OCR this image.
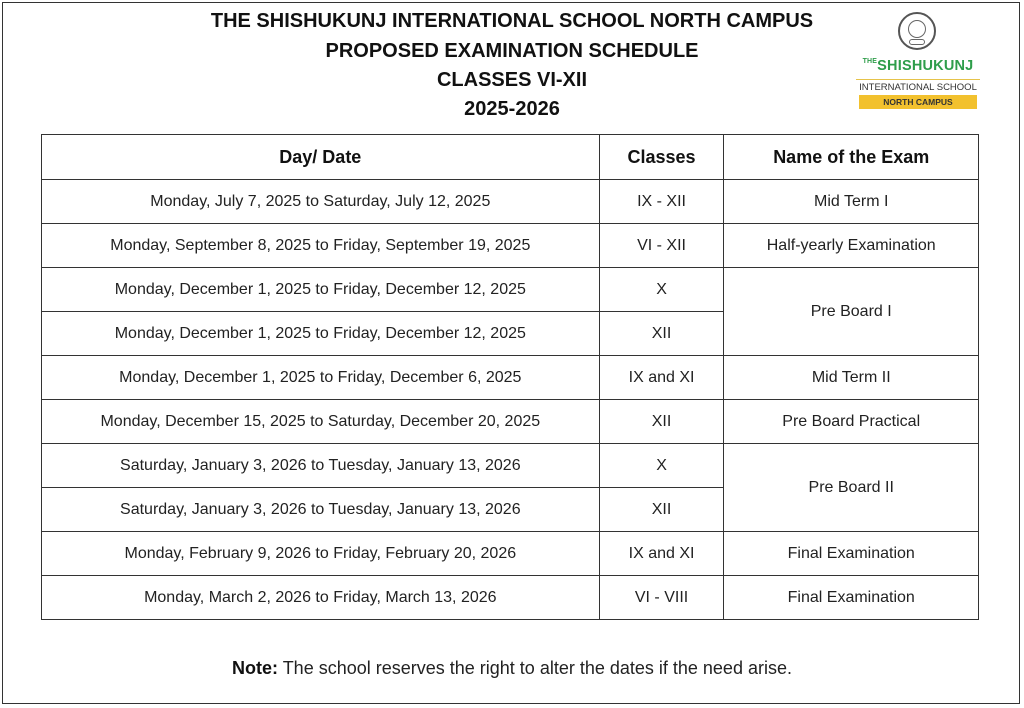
THE SHISHUKUNJ INTERNATIONAL SCHOOL NORTH CAMPUS
PROPOSED EXAMINATION SCHEDULE
CLASSES VI-XII
2025-2026
$^{THE}$SHISHUKUNJ
INTERNATIONAL SCHOOL
NORTH CAMPUS
Day/ Date	Classes	Name of the Exam
Monday, July 7, 2025 to Saturday, July 12, 2025	IX - XII	Mid Term I
Monday, September 8, 2025 to Friday, September 19, 2025	VI - XII	Half-yearly Examination
Monday, December 1, 2025 to Friday, December 12, 2025	X	Pre Board I
Monday, December 1, 2025 to Friday, December 12, 2025	XII	
Monday, December 1, 2025 to Friday, December 6, 2025	IX and XI	Mid Term II
Monday, December 15, 2025 to Saturday, December 20, 2025	XII	Pre Board Practical
Saturday, January 3, 2026 to Tuesday, January 13, 2026	X	Pre Board II
Saturday, January 3, 2026 to Tuesday, January 13, 2026	XII	
Monday, February 9, 2026 to Friday, February 20, 2026	IX and XI	Final Examination
Monday, March 2, 2026 to Friday, March 13, 2026	VI - VIII	Final Examination
Note: The school reserves the right to alter the dates if the need arise.
